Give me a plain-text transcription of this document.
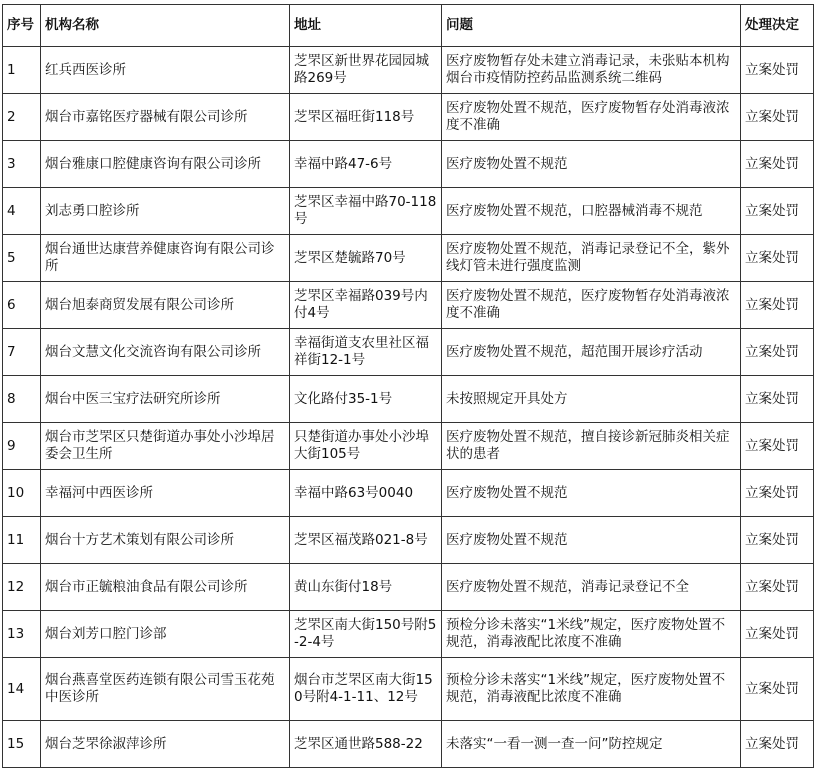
序号	机构名称	地址	问题	处理决定
1	红兵西医诊所	芝罘区新世界花园园城路269号	医疗废物暂存处未建立消毒记录，未张贴本机构烟台市疫情防控药品监测系统二维码	立案处罚
2	烟台市嘉铭医疗器械有限公司诊所	芝罘区福旺街118号	医疗废物处置不规范，医疗废物暂存处消毒液浓度不准确	立案处罚
3	烟台雅康口腔健康咨询有限公司诊所	幸福中路47-6号	医疗废物处置不规范	立案处罚
4	刘志勇口腔诊所	芝罘区幸福中路70-118号	医疗废物处置不规范，口腔器械消毒不规范	立案处罚
5	烟台通世达康营养健康咨询有限公司诊所	芝罘区楚毓路70号	医疗废物处置不规范，消毒记录登记不全，紫外线灯管未进行强度监测	立案处罚
6	烟台旭泰商贸发展有限公司诊所	芝罘区幸福路039号内付4号	医疗废物处置不规范，医疗废物暂存处消毒液浓度不准确	立案处罚
7	烟台文慧文化交流咨询有限公司诊所	幸福街道支农里社区福祥街12-1号	医疗废物处置不规范，超范围开展诊疗活动	立案处罚
8	烟台中医三宝疗法研究所诊所	文化路付35-1号	未按照规定开具处方	立案处罚
9	烟台市芝罘区只楚街道办事处小沙埠居委会卫生所	只楚街道办事处小沙埠大街105号	医疗废物处置不规范，擅自接诊新冠肺炎相关症状的患者	立案处罚
10	幸福河中西医诊所	幸福中路63号0040	医疗废物处置不规范	立案处罚
11	烟台十方艺术策划有限公司诊所	芝罘区福茂路021-8号	医疗废物处置不规范	立案处罚
12	烟台市正毓粮油食品有限公司诊所	黄山东街付18号	医疗废物处置不规范，消毒记录登记不全	立案处罚
13	烟台刘芳口腔门诊部	芝罘区南大街150号附5-2-4号	预检分诊未落实“1米线”规定，医疗废物处置不规范，消毒液配比浓度不准确	立案处罚
14	烟台燕喜堂医药连锁有限公司雪玉花苑中医诊所	烟台市芝罘区南大街150号附4-1-11、12号	预检分诊未落实“1米线”规定，医疗废物处置不规范，消毒液配比浓度不准确	立案处罚
15	烟台芝罘徐淑萍诊所	芝罘区通世路588-22	未落实“一看一测一查一问”防控规定	立案处罚
